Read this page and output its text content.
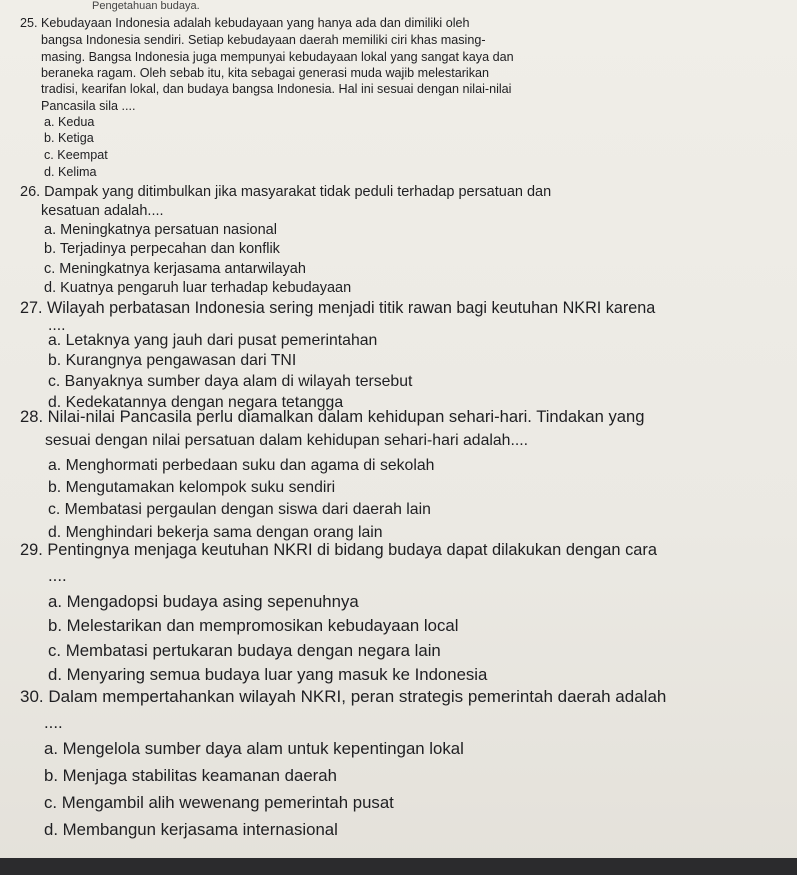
Pengetahuan budaya.
25. Kebudayaan Indonesia adalah kebudayaan yang hanya ada dan dimiliki oleh
bangsa Indonesia sendiri. Setiap kebudayaan daerah memiliki ciri khas masing-
masing. Bangsa Indonesia juga mempunyai kebudayaan lokal yang sangat kaya dan
beraneka ragam. Oleh sebab itu, kita sebagai generasi muda wajib melestarikan
tradisi, kearifan lokal, dan budaya bangsa Indonesia. Hal ini sesuai dengan nilai-nilai
Pancasila sila ....
a. Kedua
b. Ketiga
c. Keempat
d. Kelima
26. Dampak yang ditimbulkan jika masyarakat tidak peduli terhadap persatuan dan
kesatuan adalah....
a. Meningkatnya persatuan nasional
b. Terjadinya perpecahan dan konflik
c. Meningkatnya kerjasama antarwilayah
d. Kuatnya pengaruh luar terhadap kebudayaan
27. Wilayah perbatasan Indonesia sering menjadi titik rawan bagi keutuhan NKRI karena
....
a. Letaknya yang jauh dari pusat pemerintahan
b. Kurangnya pengawasan dari TNI
c. Banyaknya sumber daya alam di wilayah tersebut
d. Kedekatannya dengan negara tetangga
28. Nilai-nilai Pancasila perlu diamalkan dalam kehidupan sehari-hari. Tindakan yang
sesuai dengan nilai persatuan dalam kehidupan sehari-hari adalah....
a. Menghormati perbedaan suku dan agama di sekolah
b. Mengutamakan kelompok suku sendiri
c. Membatasi pergaulan dengan siswa dari daerah lain
d. Menghindari bekerja sama dengan orang lain
29. Pentingnya menjaga keutuhan NKRI di bidang budaya dapat dilakukan dengan cara
....
a. Mengadopsi budaya asing sepenuhnya
b. Melestarikan dan mempromosikan kebudayaan local
c. Membatasi pertukaran budaya dengan negara lain
d. Menyaring semua budaya luar yang masuk ke Indonesia
30. Dalam mempertahankan wilayah NKRI, peran strategis pemerintah daerah adalah
....
a. Mengelola sumber daya alam untuk kepentingan lokal
b. Menjaga stabilitas keamanan daerah
c. Mengambil alih wewenang pemerintah pusat
d. Membangun kerjasama internasional
